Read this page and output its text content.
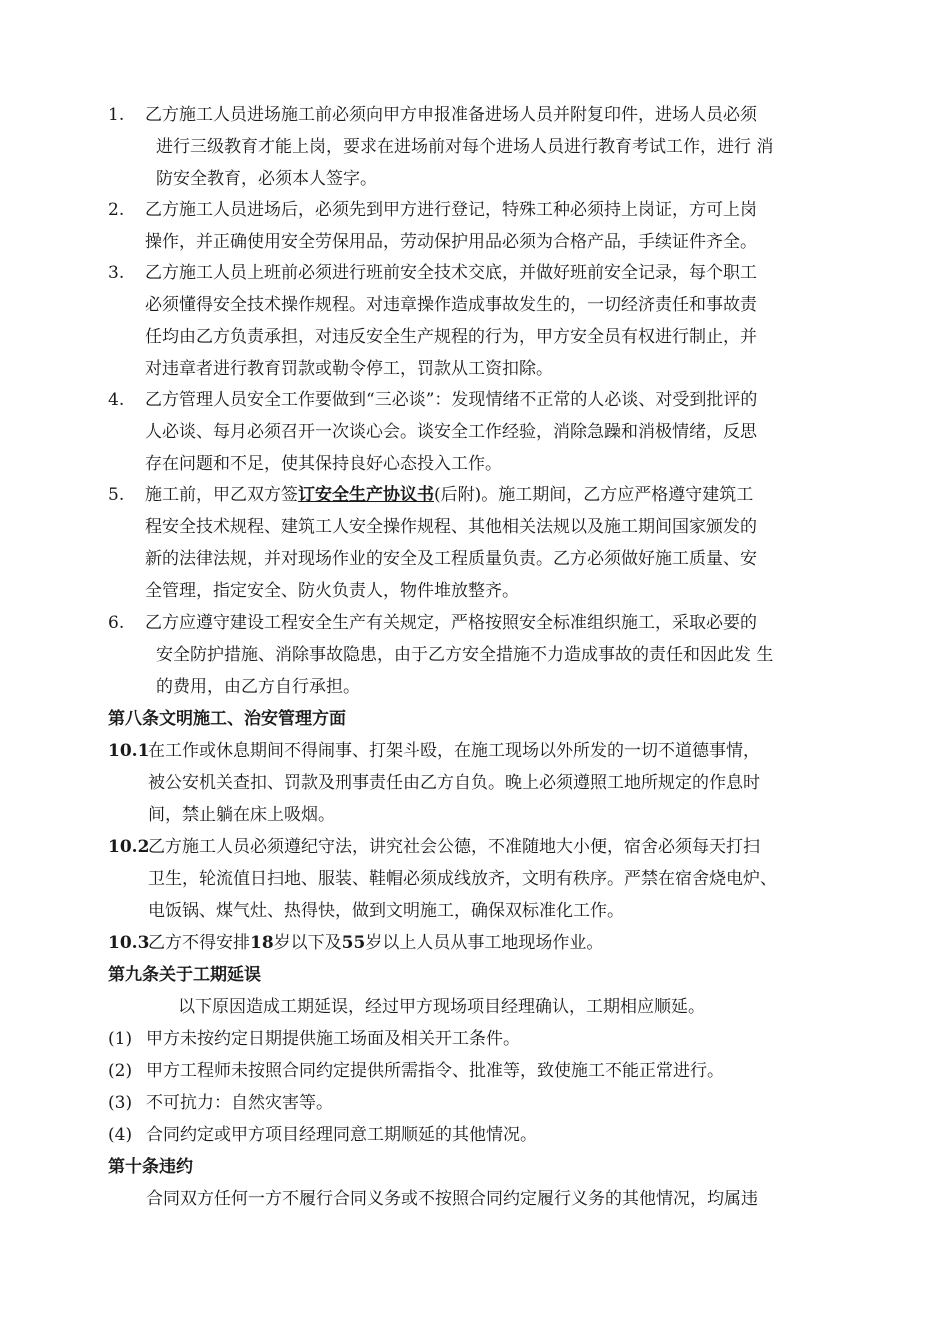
1. 乙方施工人员进场施工前必须向甲方申报准备进场人员并附复印件，进场人员必须
进行三级教育才能上岗，要求在进场前对每个进场人员进行教育考试工作，进行 消
防安全教育，必须本人签字。
2. 乙方施工人员进场后，必须先到甲方进行登记，特殊工种必须持上岗证，方可上岗
操作，并正确使用安全劳保用品，劳动保护用品必须为合格产品，手续证件齐全。
3. 乙方施工人员上班前必须进行班前安全技术交底，并做好班前安全记录，每个职工
必须懂得安全技术操作规程。对违章操作造成事故发生的，一切经济责任和事故责
任均由乙方负责承担，对违反安全生产规程的行为，甲方安全员有权进行制止，并
对违章者进行教育罚款或勒令停工，罚款从工资扣除。
4. 乙方管理人员安全工作要做到“三必谈”：发现情绪不正常的人必谈、对受到批评的
人必谈、每月必须召开一次谈心会。谈安全工作经验，消除急躁和消极情绪，反思
存在问题和不足，使其保持良好心态投入工作。
5. 施工前，甲乙双方签订安全生产协议书(后附)。施工期间，乙方应严格遵守建筑工
程安全技术规程、建筑工人安全操作规程、其他相关法规以及施工期间国家颁发的
新的法律法规，并对现场作业的安全及工程质量负责。乙方必须做好施工质量、安
全管理，指定安全、防火负责人，物件堆放整齐。
6. 乙方应遵守建设工程安全生产有关规定，严格按照安全标准组织施工，采取必要的
安全防护措施、消除事故隐患，由于乙方安全措施不力造成事故的责任和因此发 生
的费用，由乙方自行承担。
第八条文明施工、治安管理方面
10.1
在工作或休息期间不得闹事、打架斗殴，在施工现场以外所发的一切不道德事情，
被公安机关查扣、罚款及刑事责任由乙方自负。晚上必须遵照工地所规定的作息时
间，禁止躺在床上吸烟。
10.2
乙方施工人员必须遵纪守法，讲究社会公德，不准随地大小便，宿舍必须每天打扫
卫生，轮流值日扫地、服装、鞋帽必须成线放齐，文明有秩序。严禁在宿舍烧电炉、
电饭锅、煤气灶、热得快，做到文明施工，确保双标准化工作。
10.3
乙方不得安排18岁以下及55岁以上人员从事工地现场作业。
第九条关于工期延误
以下原因造成工期延误，经过甲方现场项目经理确认，工期相应顺延。
(1) 甲方未按约定日期提供施工场面及相关开工条件。
(2) 甲方工程师未按照合同约定提供所需指令、批准等，致使施工不能正常进行。
(3) 不可抗力：自然灾害等。
(4) 合同约定或甲方项目经理同意工期顺延的其他情况。
第十条违约
合同双方任何一方不履行合同义务或不按照合同约定履行义务的其他情况，均属违
